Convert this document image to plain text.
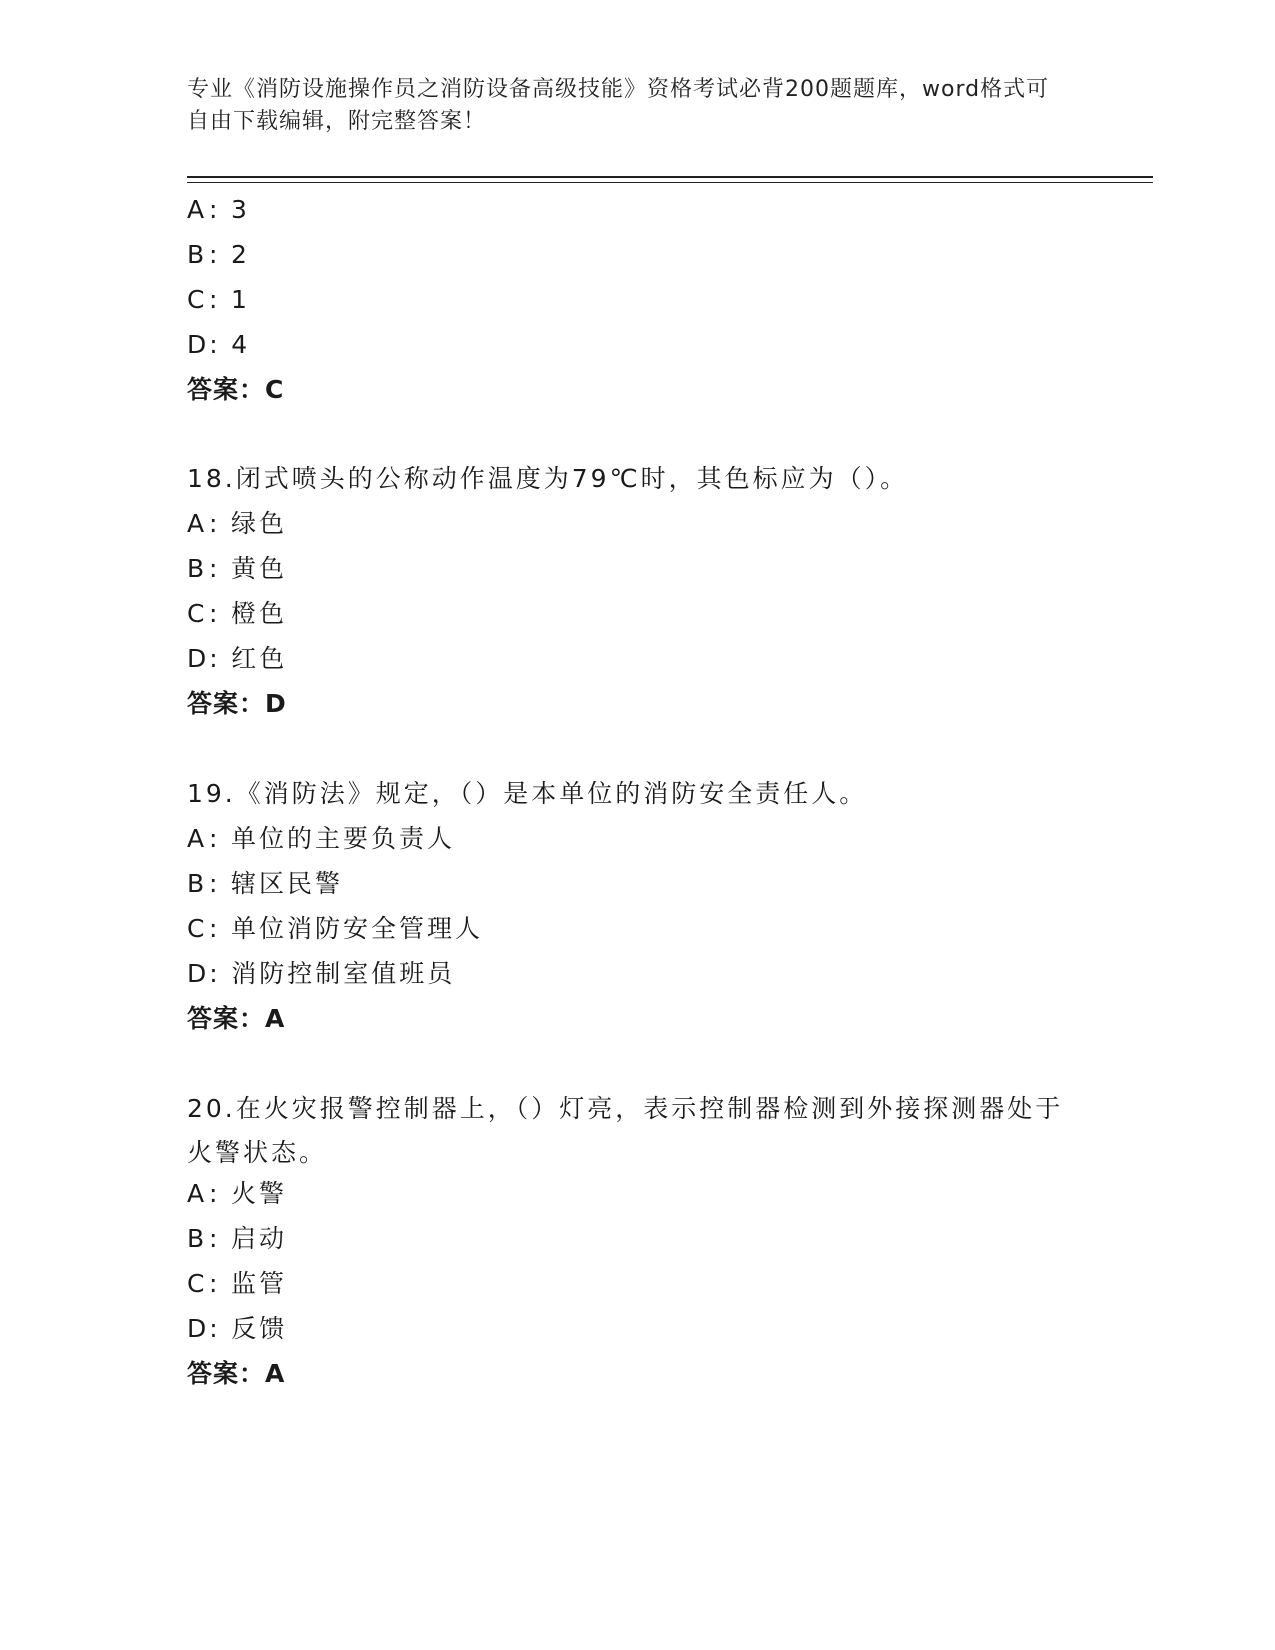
专业《消防设施操作员之消防设备高级技能》资格考试必背200题题库，word格式可自由下载编辑，附完整答案！
A: 3
B: 2
C: 1
D: 4
答案：C
18.闭式喷头的公称动作温度为79℃时，其色标应为（）。
A: 绿色
B: 黄色
C: 橙色
D: 红色
答案：D
19.《消防法》规定，（）是本单位的消防安全责任人。
A: 单位的主要负责人
B: 辖区民警
C: 单位消防安全管理人
D: 消防控制室值班员
答案：A
20.在火灾报警控制器上，（）灯亮，表示控制器检测到外接探测器处于火警状态。
A: 火警
B: 启动
C: 监管
D: 反馈
答案：A
